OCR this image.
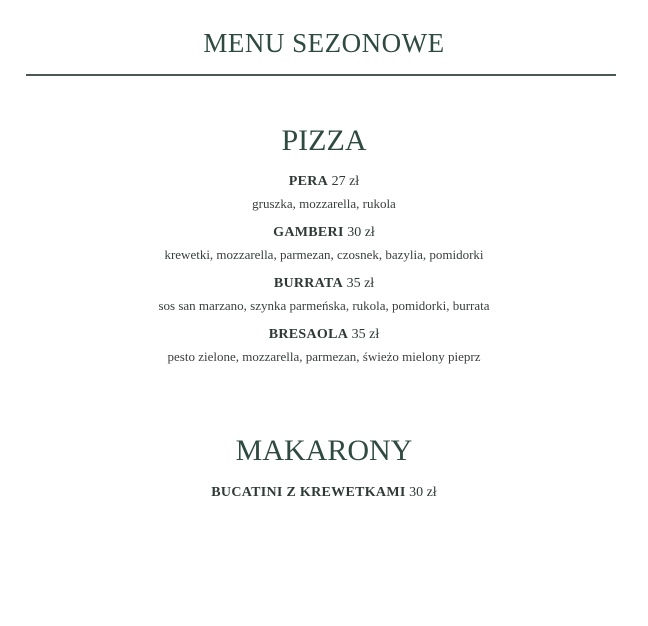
MENU SEZONOWE
PIZZA
PERA 27 zł
gruszka, mozzarella, rukola
GAMBERI 30 zł
krewetki, mozzarella, parmezan, czosnek, bazylia, pomidorki
BURRATA 35 zł
sos san marzano, szynka parmeńska, rukola, pomidorki, burrata
BRESAOLA 35 zł
pesto zielone, mozzarella, parmezan, świeżo mielony pieprz
MAKARONY
BUCATINI Z KREWETKAMI 30 zł
